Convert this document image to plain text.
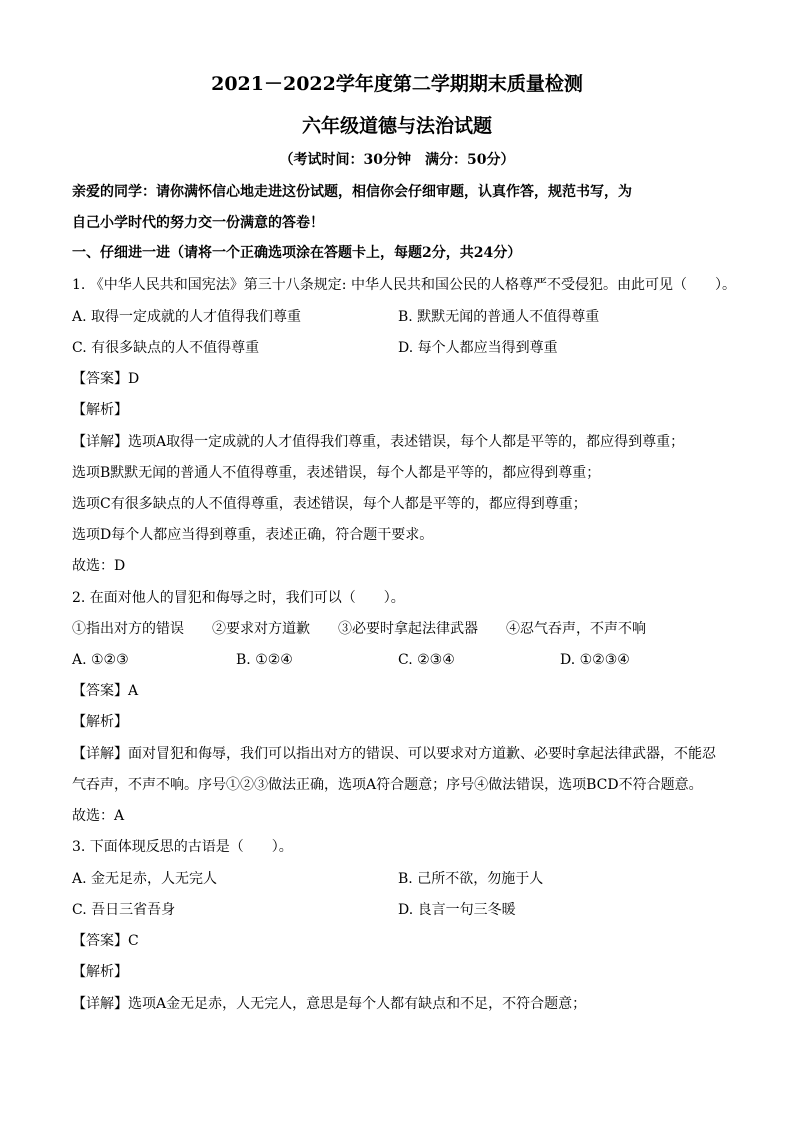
2021－2022学年度第二学期期末质量检测
六年级道德与法治试题
（考试时间：30分钟　满分：50分）
亲爱的同学：请你满怀信心地走进这份试题，相信你会仔细审题，认真作答，规范书写，为
自己小学时代的努力交一份满意的答卷！
一、仔细进一进（请将一个正确选项涂在答题卡上，每题2分，共24分）
1. 《中华人民共和国宪法》第三十八条规定: 中华人民共和国公民的人格尊严不受侵犯。由此可见（　　）。
A. 取得一定成就的人才值得我们尊重	B. 默默无闻的普通人不值得尊重
C. 有很多缺点的人不值得尊重	D. 每个人都应当得到尊重
【答案】D
【解析】
【详解】选项A取得一定成就的人才值得我们尊重，表述错误，每个人都是平等的，都应得到尊重；
选项B默默无闻的普通人不值得尊重，表述错误，每个人都是平等的，都应得到尊重；
选项C有很多缺点的人不值得尊重，表述错误，每个人都是平等的，都应得到尊重；
选项D每个人都应当得到尊重，表述正确，符合题干要求。
故选：D
2. 在面对他人的冒犯和侮辱之时，我们可以（　　）。
①指出对方的错误　　②要求对方道歉　　③必要时拿起法律武器　　④忍气吞声，不声不响
A. ①②③	B. ①②④	C. ②③④	D. ①②③④
【答案】A
【解析】
【详解】面对冒犯和侮辱，我们可以指出对方的错误、可以要求对方道歉、必要时拿起法律武器，不能忍
气吞声，不声不响。序号①②③做法正确，选项A符合题意；序号④做法错误，选项BCD不符合题意。
故选：A
3. 下面体现反思的古语是（　　）。
A. 金无足赤，人无完人	B. 己所不欲，勿施于人
C. 吾日三省吾身	D. 良言一句三冬暖
【答案】C
【解析】
【详解】选项A金无足赤，人无完人，意思是每个人都有缺点和不足，不符合题意；
